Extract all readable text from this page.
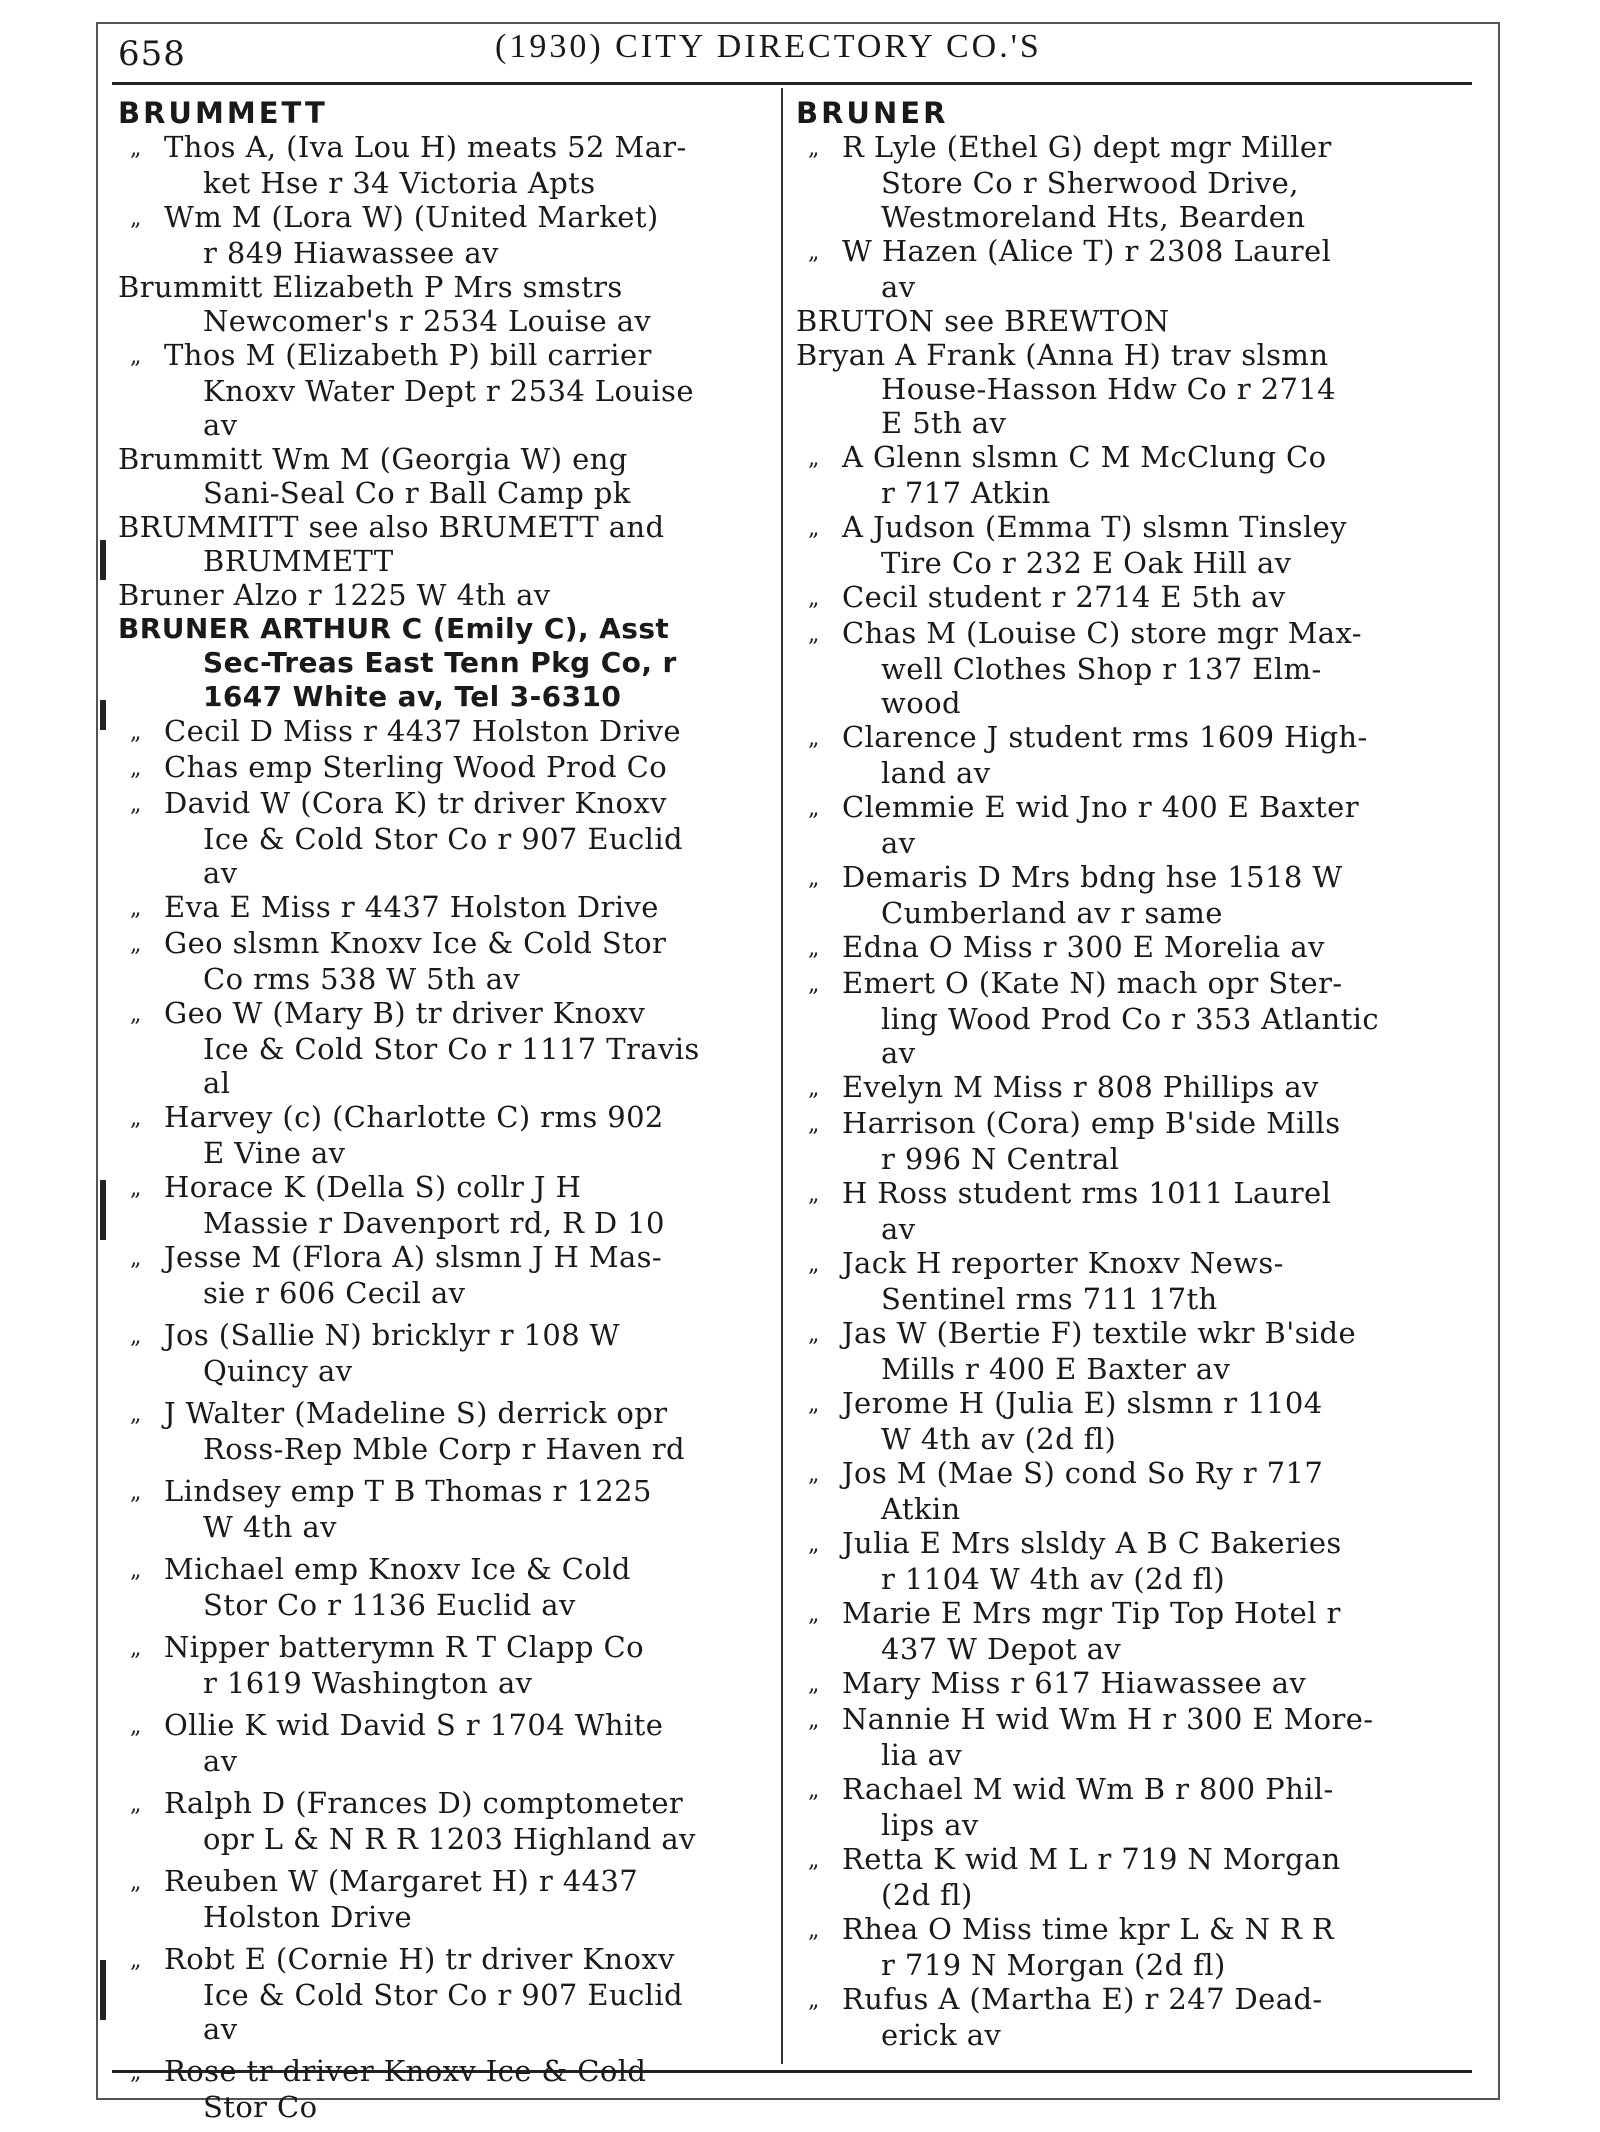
658	(1930) CITY DIRECTORY CO.'S
BRUMMETT
„ Thos A, (Iva Lou H) meats 52 Mar-
ket Hse r 34 Victoria Apts
„ Wm M (Lora W) (United Market)
r 849 Hiawassee av
Brummitt Elizabeth P Mrs smstrs
Newcomer's r 2534 Louise av
„ Thos M (Elizabeth P) bill carrier
Knoxv Water Dept r 2534 Louise
av
Brummitt Wm M (Georgia W) eng
Sani-Seal Co r Ball Camp pk
BRUMMITT see also BRUMETT and
BRUMMETT
Bruner Alzo r 1225 W 4th av
BRUNER ARTHUR C (Emily C), Asst
Sec-Treas East Tenn Pkg Co, r
1647 White av, Tel 3-6310
„ Cecil D Miss r 4437 Holston Drive
„ Chas emp Sterling Wood Prod Co
„ David W (Cora K) tr driver Knoxv
Ice & Cold Stor Co r 907 Euclid
av
„ Eva E Miss r 4437 Holston Drive
„ Geo slsmn Knoxv Ice & Cold Stor
Co rms 538 W 5th av
„ Geo W (Mary B) tr driver Knoxv
Ice & Cold Stor Co r 1117 Travis
al
„ Harvey (c) (Charlotte C) rms 902
E Vine av
„ Horace K (Della S) collr J H
Massie r Davenport rd, R D 10
„ Jesse M (Flora A) slsmn J H Mas-
sie r 606 Cecil av
„ Jos (Sallie N) bricklyr r 108 W
Quincy av
„ J Walter (Madeline S) derrick opr
Ross-Rep Mble Corp r Haven rd
„ Lindsey emp T B Thomas r 1225
W 4th av
„ Michael emp Knoxv Ice & Cold
Stor Co r 1136 Euclid av
„ Nipper batterymn R T Clapp Co
r 1619 Washington av
„ Ollie K wid David S r 1704 White
av
„ Ralph D (Frances D) comptometer
opr L & N R R 1203 Highland av
„ Reuben W (Margaret H) r 4437
Holston Drive
„ Robt E (Cornie H) tr driver Knoxv
Ice & Cold Stor Co r 907 Euclid
av
„ Rose tr driver Knoxv Ice & Cold
Stor Co
BRUNER
„ R Lyle (Ethel G) dept mgr Miller
Store Co r Sherwood Drive,
Westmoreland Hts, Bearden
„ W Hazen (Alice T) r 2308 Laurel
av
BRUTON see BREWTON
Bryan A Frank (Anna H) trav slsmn
House-Hasson Hdw Co r 2714
E 5th av
„ A Glenn slsmn C M McClung Co
r 717 Atkin
„ A Judson (Emma T) slsmn Tinsley
Tire Co r 232 E Oak Hill av
„ Cecil student r 2714 E 5th av
„ Chas M (Louise C) store mgr Max-
well Clothes Shop r 137 Elm-
wood
„ Clarence J student rms 1609 High-
land av
„ Clemmie E wid Jno r 400 E Baxter
av
„ Demaris D Mrs bdng hse 1518 W
Cumberland av r same
„ Edna O Miss r 300 E Morelia av
„ Emert O (Kate N) mach opr Ster-
ling Wood Prod Co r 353 Atlantic
av
„ Evelyn M Miss r 808 Phillips av
„ Harrison (Cora) emp B'side Mills
r 996 N Central
„ H Ross student rms 1011 Laurel
av
„ Jack H reporter Knoxv News-
Sentinel rms 711 17th
„ Jas W (Bertie F) textile wkr B'side
Mills r 400 E Baxter av
„ Jerome H (Julia E) slsmn r 1104
W 4th av (2d fl)
„ Jos M (Mae S) cond So Ry r 717
Atkin
„ Julia E Mrs slsldy A B C Bakeries
r 1104 W 4th av (2d fl)
„ Marie E Mrs mgr Tip Top Hotel r
437 W Depot av
„ Mary Miss r 617 Hiawassee av
„ Nannie H wid Wm H r 300 E More-
lia av
„ Rachael M wid Wm B r 800 Phil-
lips av
„ Retta K wid M L r 719 N Morgan
(2d fl)
„ Rhea O Miss time kpr L & N R R
r 719 N Morgan (2d fl)
„ Rufus A (Martha E) r 247 Dead-
erick av
